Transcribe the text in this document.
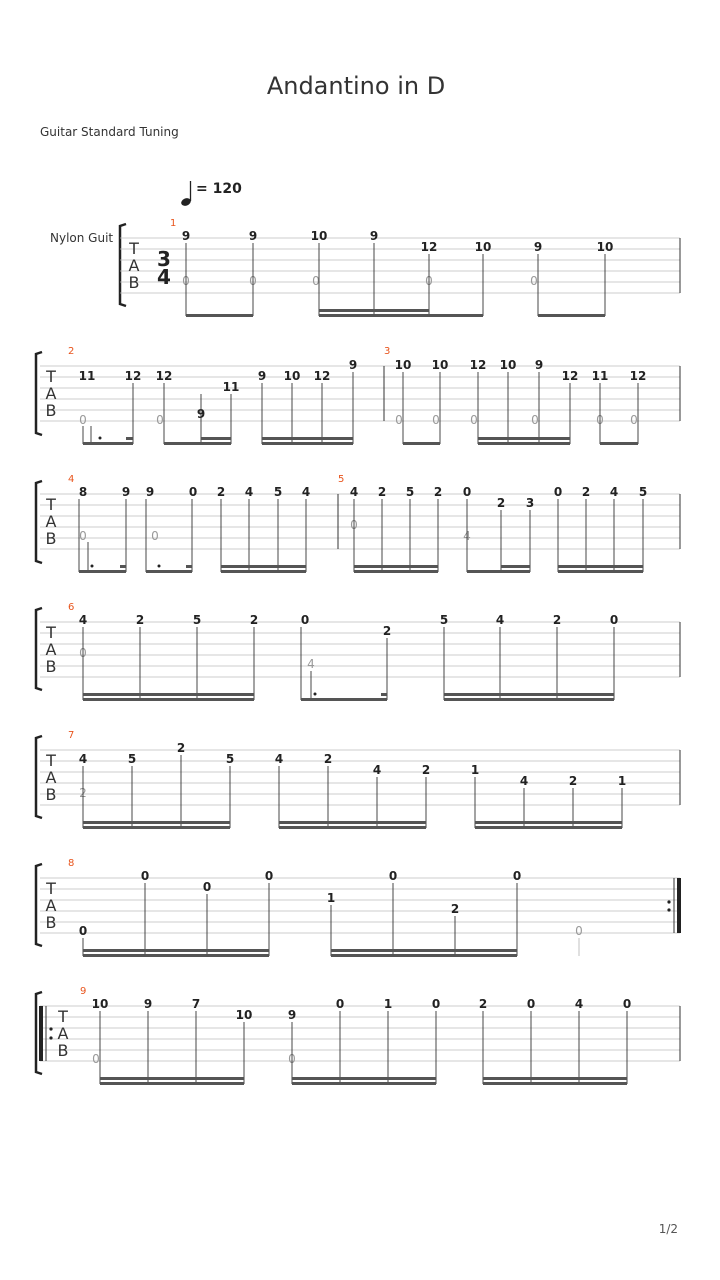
Andantino in D
Guitar Standard Tuning
= 120
Nylon Guit
T
A
B
3
4
1
9
0
9
0
10
0
9
12
0
10	9
0
10
T
A
B
2	3
11
0
12 12
0	9
11
9 10 12
9	10
0
10
0
12
0
10 9
0
12 11
0
12
0
T
A
B
4	5
8
0
9 9
0
0 2 4 5 4	4
0
2 5 2 0
4
2 3
0 2 4 5
T
A
B
6
4
0
2	5	2	0
4
2
5	4	2	0
T
A
B
7
4
2
5
2
5	4	2
4	2	1
4	2	1
T
A
B
8
0
0
0
0
1
0
2
0
0
T
A
B
9
10
0
9	7
10	9
0
0	1	0	2	0	4	0
1/2
